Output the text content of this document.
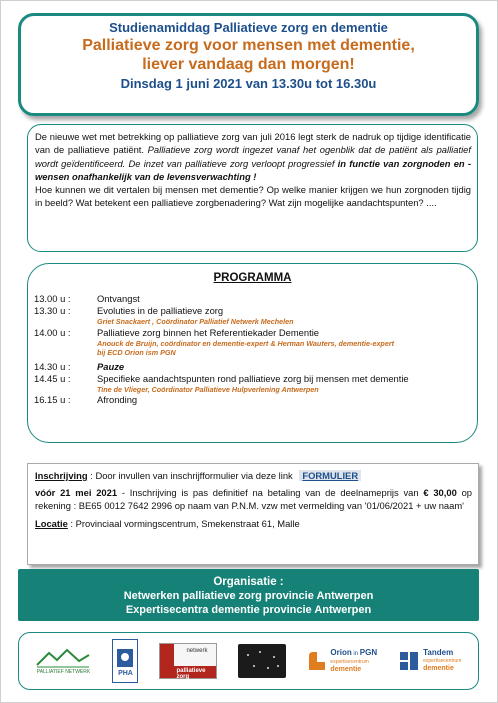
Studienamiddag Palliatieve zorg en dementie
Palliatieve zorg voor mensen met dementie,
liever vandaag dan morgen!
Dinsdag 1 juni 2021 van 13.30u tot 16.30u
De nieuwe wet met betrekking op palliatieve zorg van juli 2016 legt sterk de nadruk op tijdige identificatie van de palliatieve patiënt. Palliatieve zorg wordt ingezet vanaf het ogenblik dat de patiënt als palliatief wordt geïdentificeerd. De inzet van palliatieve zorg verloopt progressief in functie van zorgnoden en -wensen onafhankelijk van de levensverwachting !
Hoe kunnen we dit vertalen bij mensen met dementie? Op welke manier krijgen we hun zorgnoden tijdig in beeld? Wat betekent een palliatieve zorgbenadering? Wat zijn mogelijke aandachtspunten? ....
PROGRAMMA
13.00 u :	Ontvangst
13.30 u :	Evoluties in de palliatieve zorg
Griet Snackaert , Coördinator Palliatief Netwerk Mechelen
14.00 u :	Palliatieve zorg binnen het Referentiekader Dementie
Anouck de Bruijn, coördinator en dementie-expert & Herman Wauters, dementie-expert
bij ECD Orion ism PGN
14.30 u :	Pauze
14.45 u :	Specifieke aandachtspunten rond palliatieve zorg bij mensen met dementie
Tine de Vlieger, Coördinator Palliatieve Hulpverlening Antwerpen
16.15 u :	Afronding
Inschrijving : Door invullen van inschrijfformulier via deze link FORMULIER
vóór 21 mei 2021 - Inschrijving is pas definitief na betaling van de deelnameprijs van € 30,00 op rekening : BE65 0012 7642 2996 op naam van P.N.M. vzw met vermelding van '01/06/2021 + uw naam'
Locatie : Provinciaal vormingscentrum, Smekenstraat 61, Malle
Organisatie :
Netwerken palliatieve zorg provincie Antwerpen
Expertisecentra dementie provincie Antwerpen
PALLIATIEF NETWERK	PHA
netwerk
palliatieve zorg
Orion in PGN
expertisecentrum
dementie
Tandem
expertisecentrum
dementie
